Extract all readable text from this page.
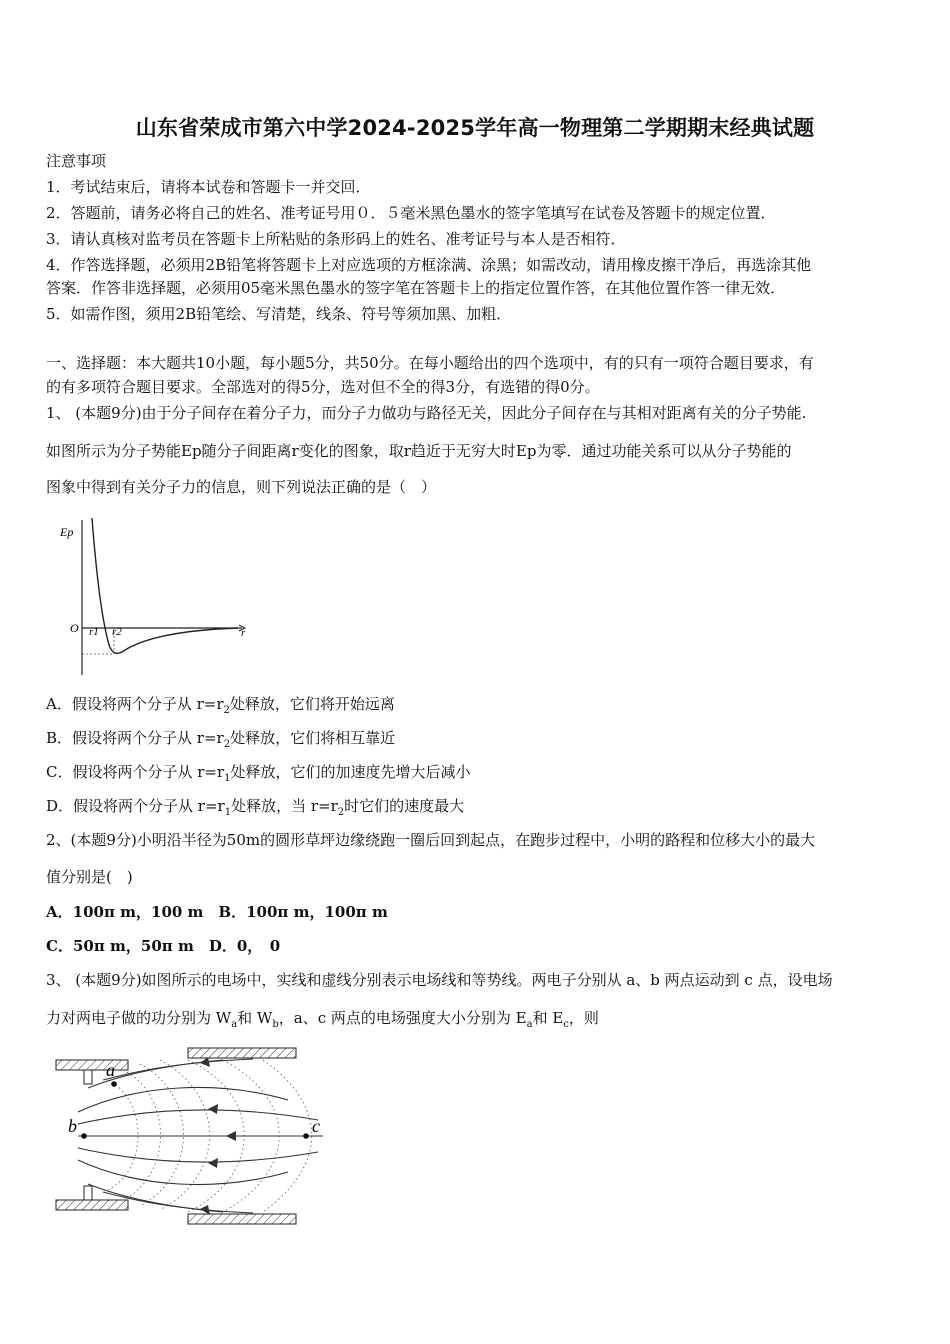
山东省荣成市第六中学2024-2025学年高一物理第二学期期末经典试题
注意事项
1．考试结束后，请将本试卷和答题卡一并交回．
2．答题前，请务必将自己的姓名、准考证号用０．５毫米黑色墨水的签字笔填写在试卷及答题卡的规定位置．
3．请认真核对监考员在答题卡上所粘贴的条形码上的姓名、准考证号与本人是否相符．
4．作答选择题，必须用2B铅笔将答题卡上对应选项的方框涂满、涂黑；如需改动，请用橡皮擦干净后，再选涂其他
答案．作答非选择题，必须用05毫米黑色墨水的签字笔在答题卡上的指定位置作答，在其他位置作答一律无效．
5．如需作图，须用2B铅笔绘、写清楚，线条、符号等须加黑、加粗．
一、选择题：本大题共10小题，每小题5分，共50分。在每小题给出的四个选项中，有的只有一项符合题目要求，有
的有多项符合题目要求。全部选对的得5分，选对但不全的得3分，有选错的得0分。
1、 (本题9分)由于分子间存在着分子力，而分子力做功与路径无关，因此分子间存在与其相对距离有关的分子势能.
如图所示为分子势能Ep随分子间距离r变化的图象，取r趋近于无穷大时Ep为零．通过功能关系可以从分子势能的
图象中得到有关分子力的信息，则下列说法正确的是（　）
Ep
O r1 r2	r
A．假设将两个分子从 $r=r_2$处释放，它们将开始远离
B．假设将两个分子从 $r=r_2$处释放，它们将相互靠近
C．假设将两个分子从 $r=r_1$处释放，它们的加速度先增大后减小
D．假设将两个分子从 $r=r_1$处释放，当 $r=r_2$时它们的速度最大
2、(本题9分)小明沿半径为50m的圆形草坪边缘绕跑一圈后回到起点，在跑步过程中，小明的路程和位移大小的最大
值分别是(　)
A．100π m，100 m　B．100π m，100π m
C．50π m，50π m　D．0，　0
3、 (本题9分)如图所示的电场中，实线和虚线分别表示电场线和等势线。两电子分别从 a、b 两点运动到 c 点，设电场
力对两电子做的功分别为 $W_a$和 $W_b$，a、c 两点的电场强度大小分别为 $E_a$和 $E_c$，则
a
b	c
